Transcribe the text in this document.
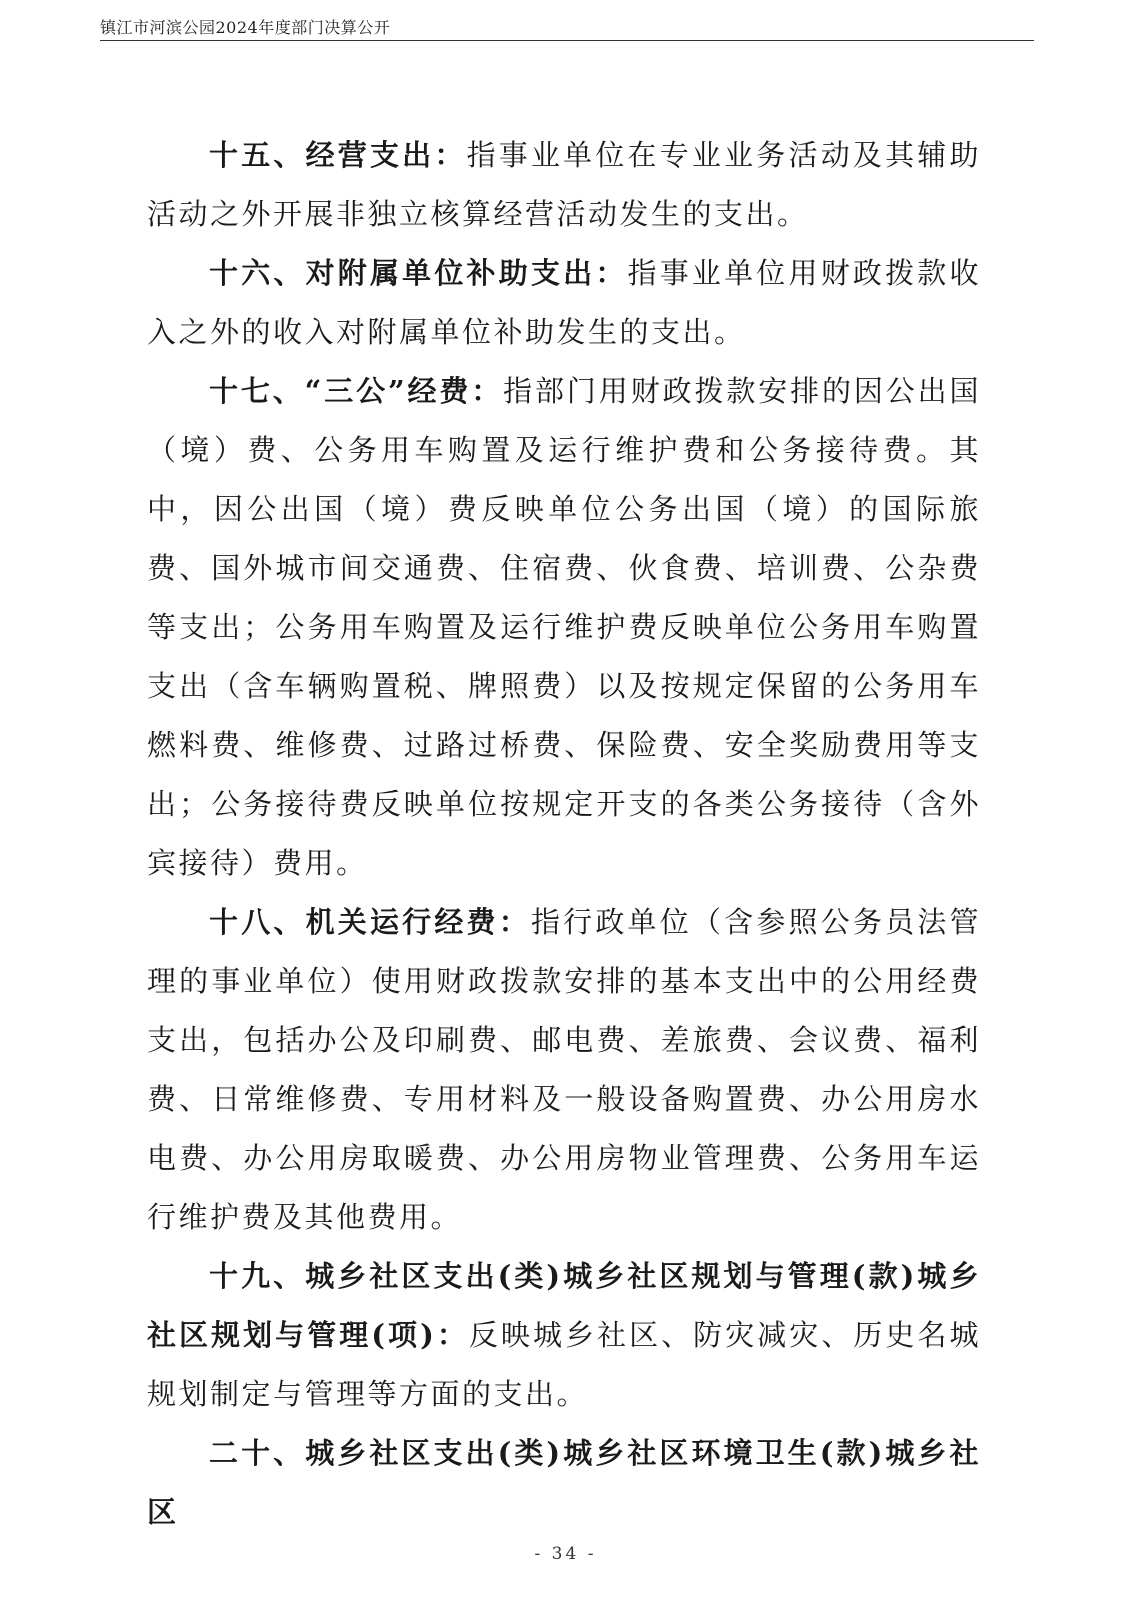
镇江市河滨公园2024年度部门决算公开

十五、经营支出：指事业单位在专业业务活动及其辅助活动之外开展非独立核算经营活动发生的支出。

十六、对附属单位补助支出：指事业单位用财政拨款收入之外的收入对附属单位补助发生的支出。

十七、“三公”经费：指部门用财政拨款安排的因公出国（境）费、公务用车购置及运行维护费和公务接待费。其中，因公出国（境）费反映单位公务出国（境）的国际旅费、国外城市间交通费、住宿费、伙食费、培训费、公杂费等支出；公务用车购置及运行维护费反映单位公务用车购置支出（含车辆购置税、牌照费）以及按规定保留的公务用车燃料费、维修费、过路过桥费、保险费、安全奖励费用等支出；公务接待费反映单位按规定开支的各类公务接待（含外宾接待）费用。

十八、机关运行经费：指行政单位（含参照公务员法管理的事业单位）使用财政拨款安排的基本支出中的公用经费支出，包括办公及印刷费、邮电费、差旅费、会议费、福利费、日常维修费、专用材料及一般设备购置费、办公用房水电费、办公用房取暖费、办公用房物业管理费、公务用车运行维护费及其他费用。

十九、城乡社区支出(类)城乡社区规划与管理(款)城乡社区规划与管理(项)：反映城乡社区、防灾减灾、历史名城规划制定与管理等方面的支出。

二十、城乡社区支出(类)城乡社区环境卫生(款)城乡社区

- 34 -
